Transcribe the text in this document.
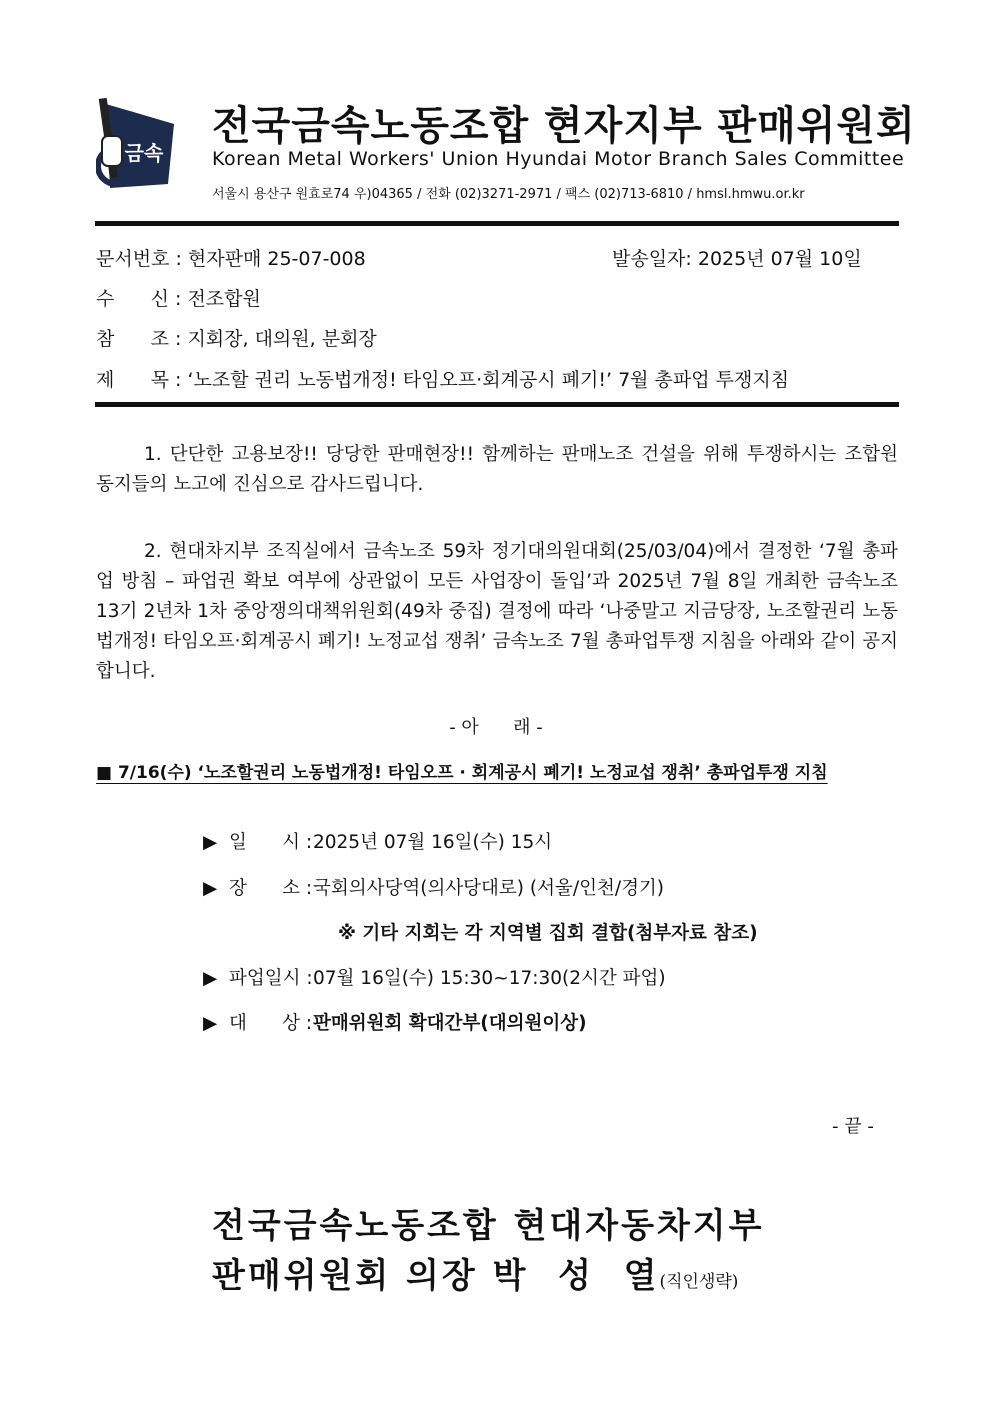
금속
전국금속노동조합 현자지부 판매위원회
Korean Metal Workers' Union Hyundai Motor Branch Sales Committee
서울시 용산구 원효로74 우)04365 / 전화 (02)3271-2971 / 팩스 (02)713-6810 / hmsl.hmwu.or.kr
문서번호 : 현자판매 25-07-008	발송일자: 2025년 07월 10일
수      신 : 전조합원
참      조 : 지회장, 대의원, 분회장
제      목 : ‘노조할 권리 노동법개정! 타임오프·회계공시 폐기!’ 7월 총파업 투쟁지침
1. 단단한 고용보장!! 당당한 판매현장!! 함께하는 판매노조 건설을 위해 투쟁하시는 조합원 동지들의 노고에 진심으로 감사드립니다.
2. 현대차지부 조직실에서 금속노조 59차 정기대의원대회(25/03/04)에서 결정한 ‘7월 총파업 방침 – 파업권 확보 여부에 상관없이 모든 사업장이 돌입’과 2025년 7월 8일 개최한 금속노조 13기 2년차 1차 중앙쟁의대책위원회(49차 중집) 결정에 따라 ‘나중말고 지금당장, 노조할권리 노동법개정! 타임오프·회계공시 폐기! 노정교섭 쟁취’ 금속노조 7월 총파업투쟁 지침을 아래와 같이 공지합니다.
- 아      래 -
■ 7/16(수) ‘노조할권리 노동법개정! 타임오프 · 회계공시 폐기! 노정교섭 쟁취’ 총파업투쟁 지침
▶ 일      시 :2025년 07월 16일(수) 15시
▶ 장      소 :국회의사당역(의사당대로) (서울/인천/경기)
※ 기타 지회는 각 지역별 집회 결합(첨부자료 참조)
▶ 파업일시 :07월 16일(수) 15:30~17:30(2시간 파업)
▶ 대      상 :판매위원회 확대간부(대의원이상)
- 끝 -
전국금속노동조합 현대자동차지부
판매위원회 의장 박  성  열(직인생략)
